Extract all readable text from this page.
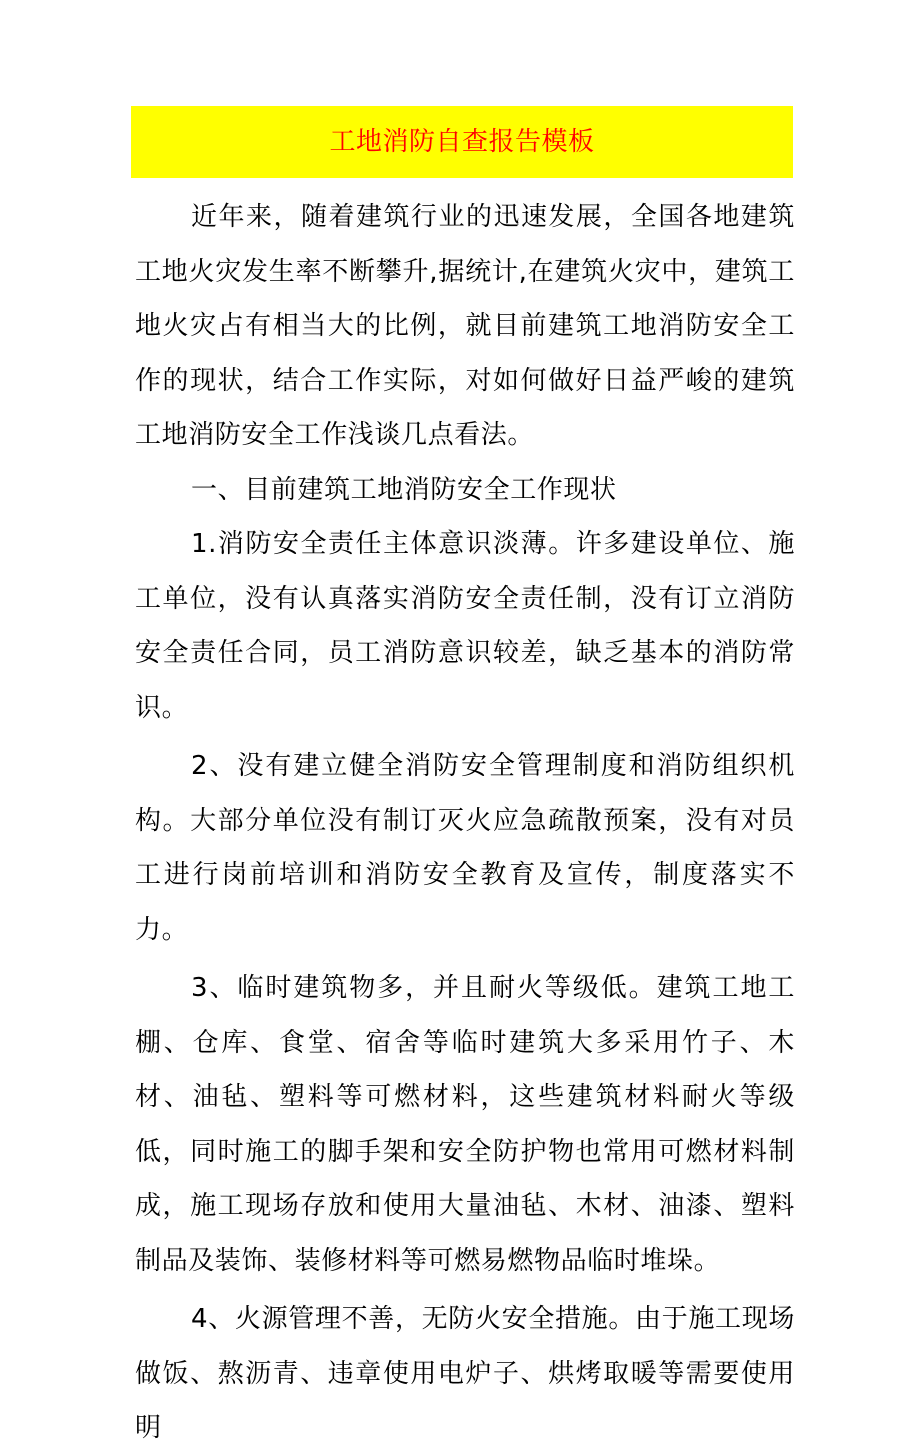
工地消防自查报告模板

近年来，随着建筑行业的迅速发展，全国各地建筑工地火灾发生率不断攀升,据统计,在建筑火灾中，建筑工地火灾占有相当大的比例，就目前建筑工地消防安全工作的现状，结合工作实际，对如何做好日益严峻的建筑工地消防安全工作浅谈几点看法。

一、目前建筑工地消防安全工作现状

1.消防安全责任主体意识淡薄。许多建设单位、施工单位，没有认真落实消防安全责任制，没有订立消防安全责任合同，员工消防意识较差，缺乏基本的消防常识。

2、没有建立健全消防安全管理制度和消防组织机构。大部分单位没有制订灭火应急疏散预案，没有对员工进行岗前培训和消防安全教育及宣传，制度落实不力。

3、临时建筑物多，并且耐火等级低。建筑工地工棚、仓库、食堂、宿舍等临时建筑大多采用竹子、木材、油毡、塑料等可燃材料，这些建筑材料耐火等级低，同时施工的脚手架和安全防护物也常用可燃材料制成，施工现场存放和使用大量油毡、木材、油漆、塑料制品及装饰、装修材料等可燃易燃物品临时堆垛。

4、火源管理不善，无防火安全措施。由于施工现场做饭、熬沥青、违章使用电炉子、烘烤取暖等需要使用明
